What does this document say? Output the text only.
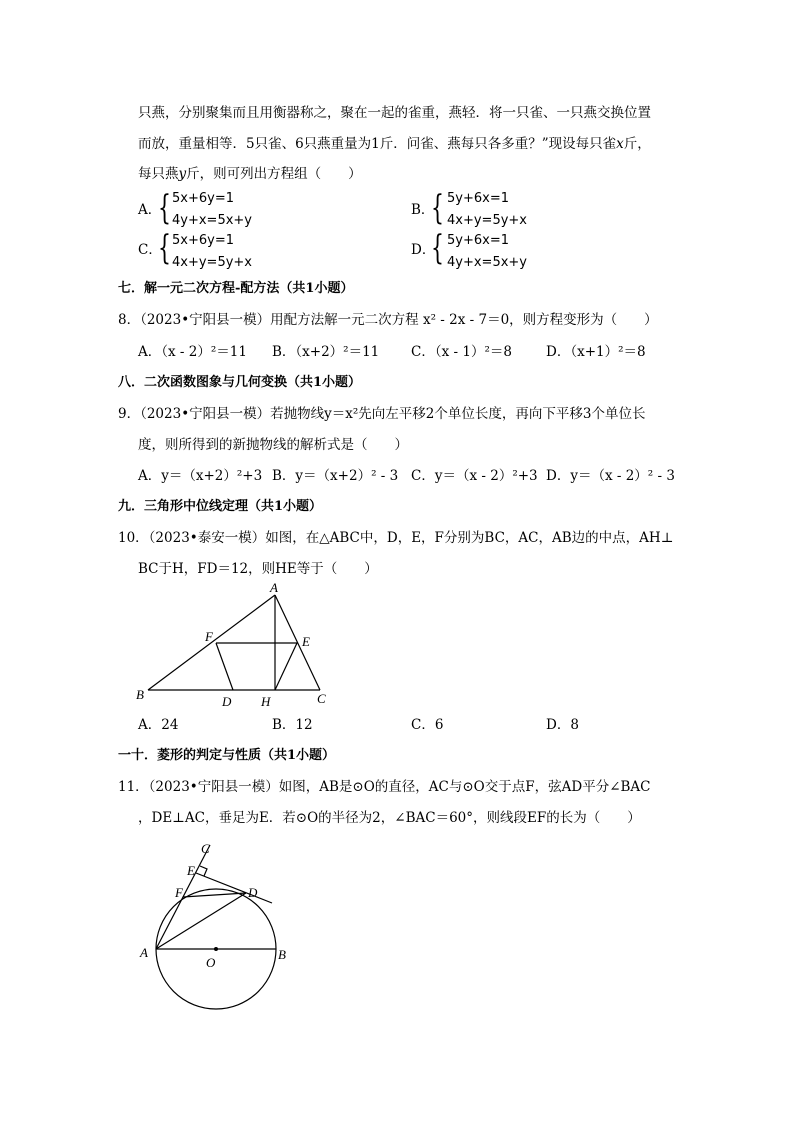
只燕，分别聚集而且用衡器称之，聚在一起的雀重，燕轻．将一只雀、一只燕交换位置
而放，重量相等．5只雀、6只燕重量为1斤．问雀、燕每只各多重？”现设每只雀x斤，
每只燕y斤，则可列出方程组（　　）
A．
{ 5x+6y=1
4y+x=5x+y
B．
{ 5y+6x=1
4x+y=5y+x
C．
{ 5x+6y=1
4x+y=5y+x
D．
{ 5y+6x=1
4y+x=5x+y
七．解一元二次方程-配方法（共1小题）
8．（2023•宁阳县一模）用配方法解一元二次方程 x² - 2x - 7＝0，则方程变形为（　　）
A．（x - 2）²＝11 B．（x+2）²＝11 C．（x - 1）²＝8	D．（x+1）²＝8
八．二次函数图象与几何变换（共1小题）
9．（2023•宁阳县一模）若抛物线y＝x²先向左平移2个单位长度，再向下平移3个单位长
度，则所得到的新抛物线的解析式是（　　）
A．y＝（x+2）²+3 B．y＝（x+2）² - 3 C．y＝（x - 2）²+3 D．y＝（x - 2）² - 3
九．三角形中位线定理（共1小题）
10．（2023•泰安一模）如图，在△ABC中，D，E，F分别为BC，AC，AB边的中点，AH⊥
BC于H，FD＝12，则HE等于（　　）
A
F	E
B	D H	C
A．24	B．12	C．6	D．8
一十．菱形的判定与性质（共1小题）
11．（2023•宁阳县一模）如图，AB是⊙O的直径，AC与⊙O交于点F，弦AD平分∠BAC
，DE⊥AC，垂足为E．若⊙O的半径为2，∠BAC＝60°，则线段EF的长为（　　）
C
E
F	D
A
O
B
